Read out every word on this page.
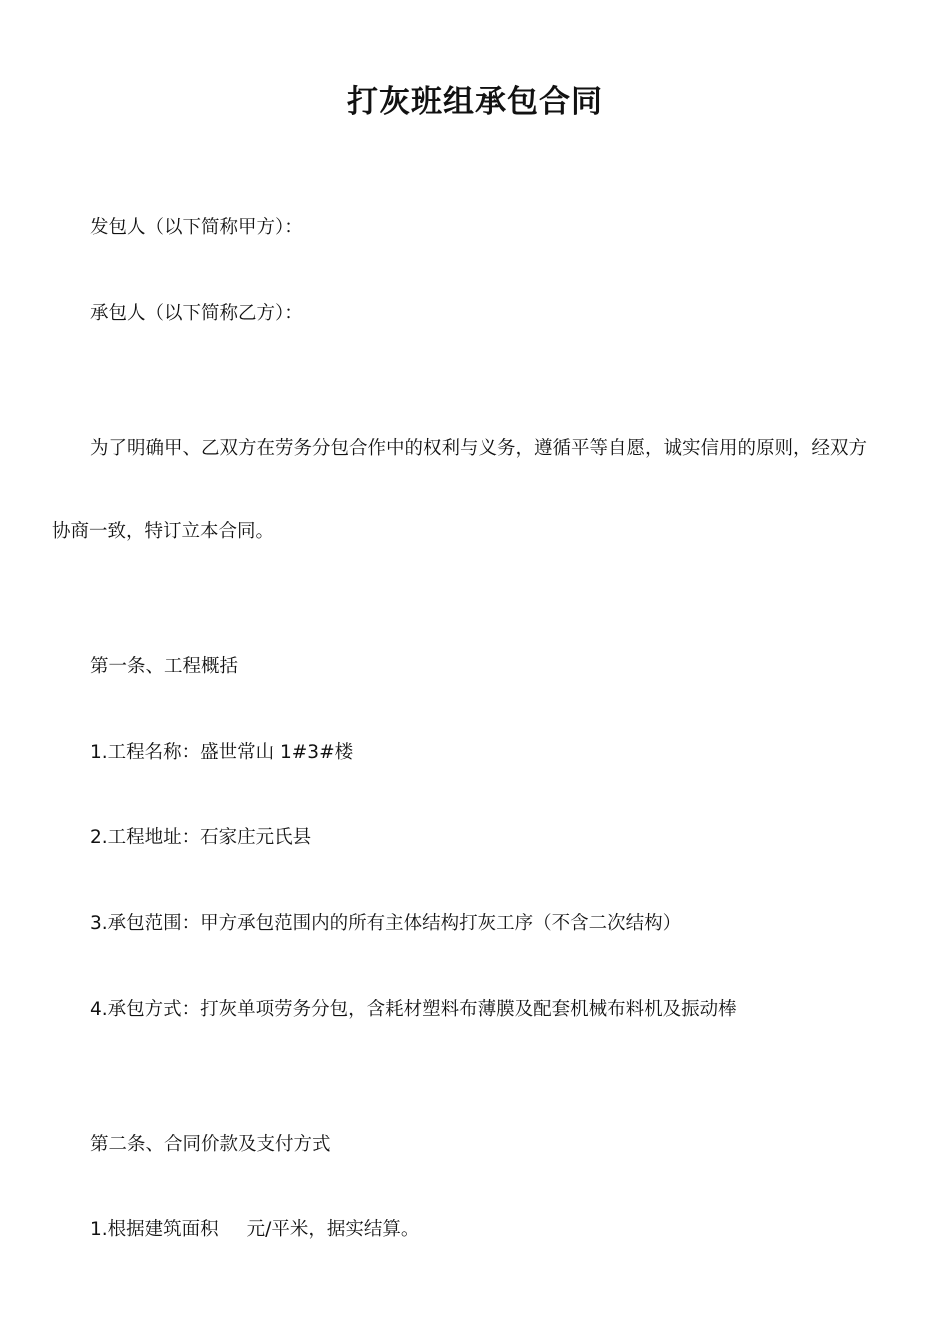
打灰班组承包合同
发包人（以下简称甲方）：
承包人（以下简称乙方）：
为了明确甲、乙双方在劳务分包合作中的权利与义务，遵循平等自愿，诚实信用的原则，经双方
协商一致，特订立本合同。
第一条、工程概括
1.工程名称：盛世常山 1#3#楼
2.工程地址：石家庄元氏县
3.承包范围：甲方承包范围内的所有主体结构打灰工序（不含二次结构）
4.承包方式：打灰单项劳务分包，含耗材塑料布薄膜及配套机械布料机及振动棒
第二条、合同价款及支付方式
1.根据建筑面积 元/平米，据实结算。
